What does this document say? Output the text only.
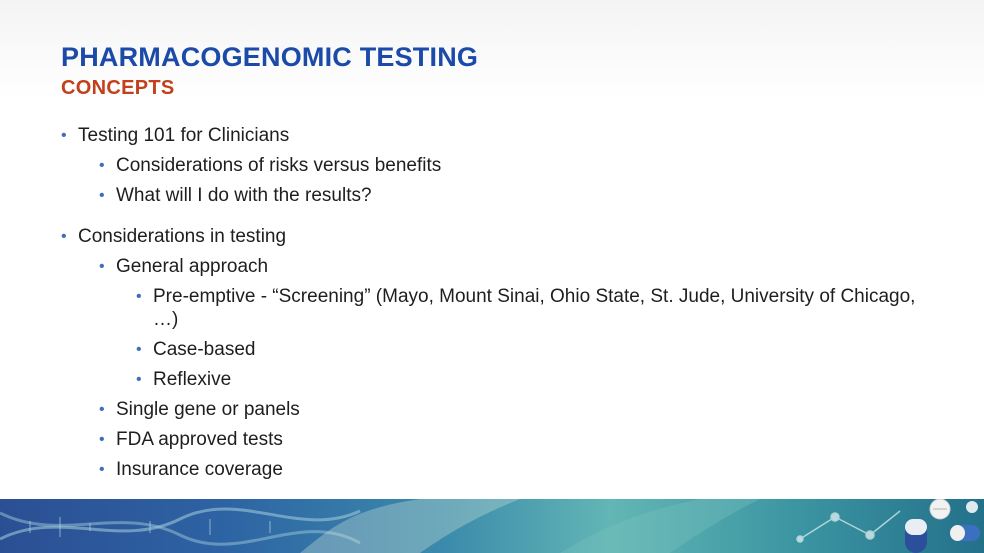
PHARMACOGENOMIC TESTING
CONCEPTS
• Testing 101 for Clinicians
• Considerations of risks versus benefits
• What will I do with the results?
• Considerations in testing
• General approach
• Pre-emptive - “Screening” (Mayo, Mount Sinai, Ohio State, St. Jude, University of Chicago, …)
• Case-based
• Reflexive
• Single gene or panels
• FDA approved tests
• Insurance coverage
